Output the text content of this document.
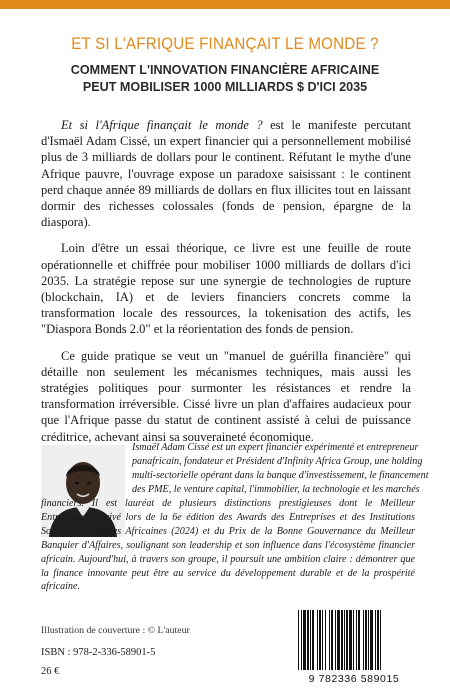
ET SI L'AFRIQUE FINANÇAIT LE MONDE ?
COMMENT L'INNOVATION FINANCIÈRE AFRICAINE
PEUT MOBILISER 1000 MILLIARDS $ D'ICI 2035

Et si l'Afrique finançait le monde ? est le manifeste percutant d'Ismaël Adam Cissé, un expert financier qui a personnellement mobilisé plus de 3 milliards de dollars pour le continent. Réfutant le mythe d'une Afrique pauvre, l'ouvrage expose un paradoxe saisissant : le continent perd chaque année 89 milliards de dollars en flux illicites tout en laissant dormir des richesses colossales (fonds de pension, épargne de la diaspora).

Loin d'être un essai théorique, ce livre est une feuille de route opérationnelle et chiffrée pour mobiliser 1000 milliards de dollars d'ici 2035. La stratégie repose sur une synergie de technologies de rupture (blockchain, IA) et de leviers financiers concrets comme la transformation locale des ressources, la tokenisation des actifs, les "Diaspora Bonds 2.0" et la réorientation des fonds de pension.

Ce guide pratique se veut un "manuel de guérilla financière" qui détaille non seulement les mécanismes techniques, mais aussi les stratégies politiques pour surmonter les résistances et rendre la transformation irréversible. Cissé livre un plan d'affaires audacieux pour que l'Afrique passe du statut de continent assisté à celui de puissance créditrice, achevant ainsi sa souveraineté économique.

Ismaël Adam Cissé est un expert financier expérimenté et entrepreneur
panafricain, fondateur et Président d'Infinity Africa Group, une holding
multi-sectorielle opérant dans la banque d'investissement, le financement
des PME, le venture capital, l'immobilier, la technologie et les marchés
financiers. Il est lauréat de plusieurs distinctions prestigieuses dont le Meilleur Entrepreneur Privé lors de la 6e édition des Awards des Entreprises et des Institutions Socio-Économiques Africaines (2024) et du Prix de la Bonne Gouvernance du Meilleur Banquier d'Affaires, soulignant son leadership et son influence dans l'écosystème financier africain. Aujourd'hui, à travers son groupe, il poursuit une ambition claire : démontrer que la finance innovante peut être au service du développement durable et de la prospérité africaine.
Illustration de couverture : © L'auteur
ISBN : 978-2-336-58901-5
26 €
9 782336 589015
